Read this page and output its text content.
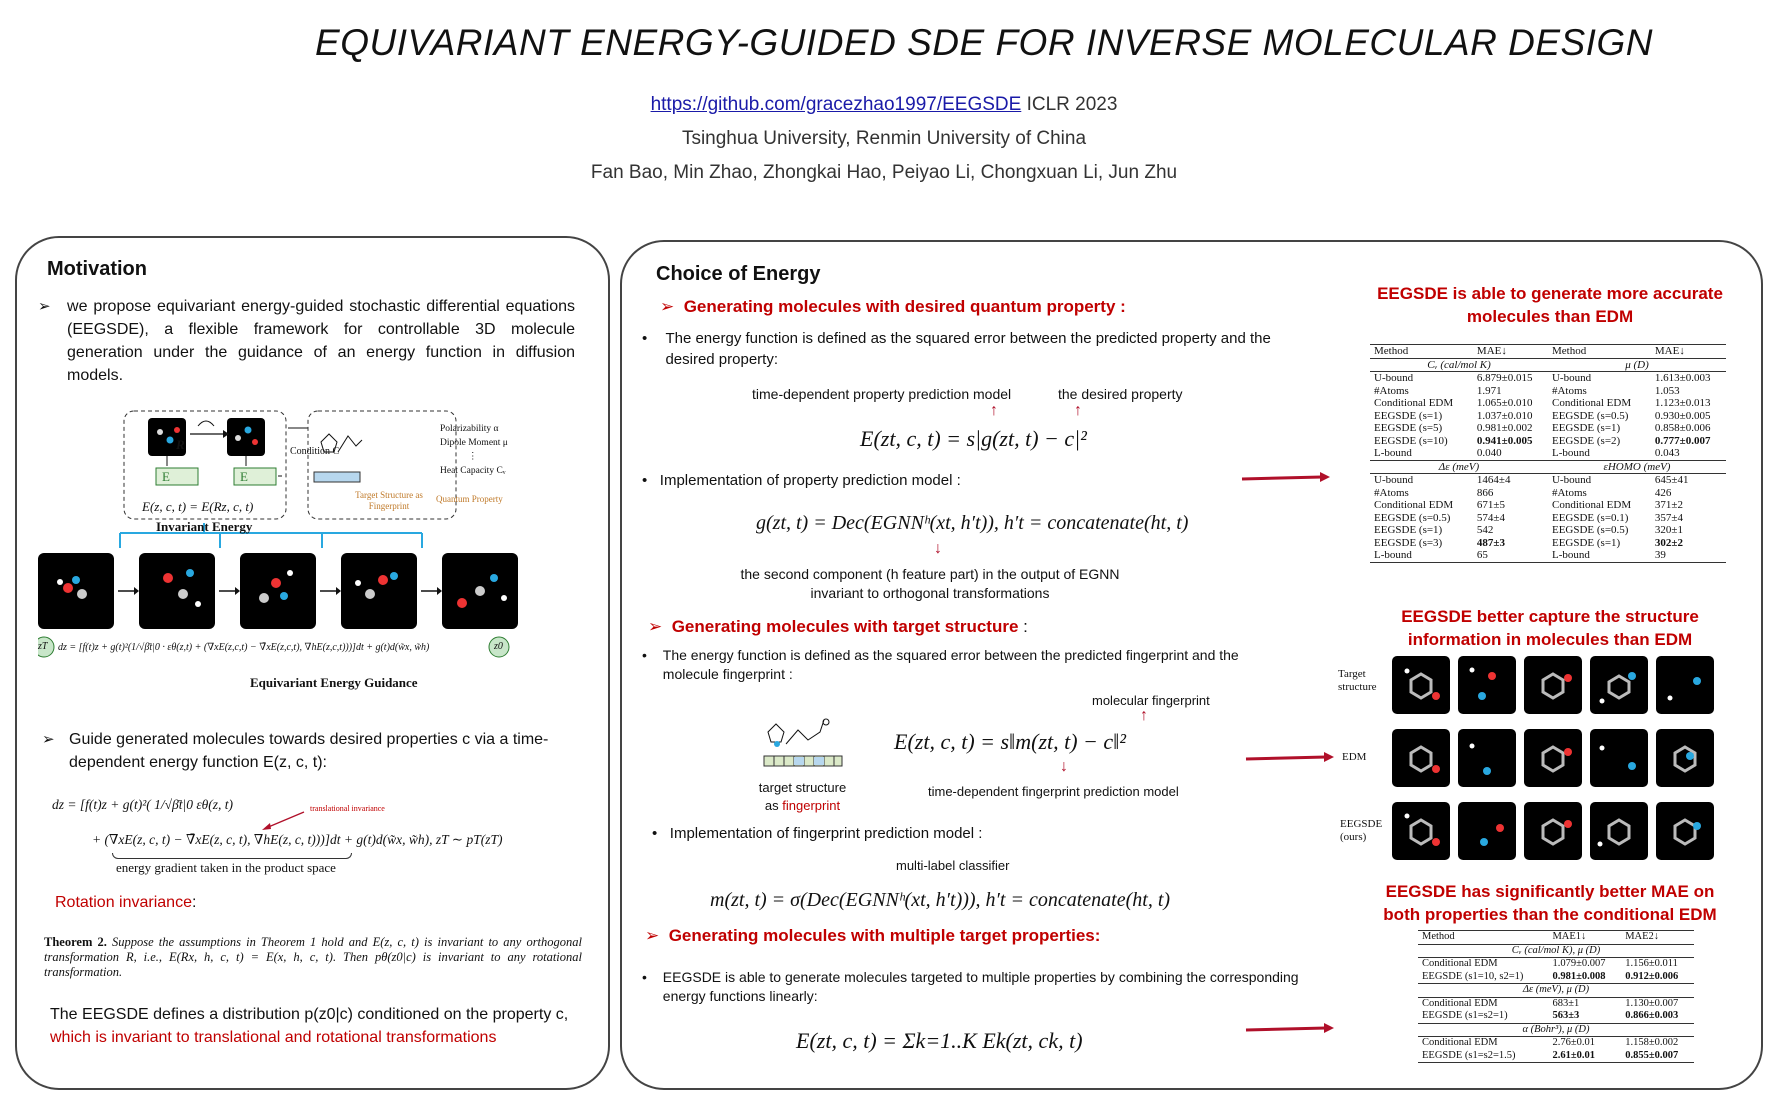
EQUIVARIANT ENERGY-GUIDED SDE FOR INVERSE MOLECULAR DESIGN
https://github.com/gracezhao1997/EEGSDE ICLR 2023
Tsinghua University, Renmin University of China
Fan Bao, Min Zhao, Zhongkai Hao, Peiyao Li, Chongxuan Li, Jun Zhu
Motivation
➢ we propose equivariant energy-guided stochastic differential equations (EEGSDE), a flexible framework for controllable 3D molecule generation under the guidance of an energy function in diffusion models.
R
E	E
Condition C
E(z, c, t) = E(Rz, c, t)
Invariant Energy
Polarizability α
Dipole Moment μ
⋮
Heat Capacity Cᵥ
Target Structure as Fingerprint
Quantum Property
zT	z0
dz = [f(t)z + g(t)²(1/√β̄t|0 · εθ(z,t) + (∇xE(z,c,t) − ∇̄xE(z,c,t), ∇hE(z,c,t)))]dt + g(t)d(w̃x, w̃h)
Equivariant Energy Guidance
➢ Guide generated molecules towards desired properties c via a time-dependent energy function E(z, c, t):
dz = [f(t)z + g(t)²( 1/√β̄t|0 εθ(z, t)	translational invariance
+ (∇xE(z, c, t) − ∇̄xE(z, c, t), ∇hE(z, c, t)))]dt + g(t)d(w̃x, w̃h), zT ∼ pT(zT)
energy gradient taken in the product space
Rotation invariance:
Theorem 2. Suppose the assumptions in Theorem 1 hold and E(z, c, t) is invariant to any orthogonal transformation R, i.e., E(Rx, h, c, t) = E(x, h, c, t). Then pθ(z0|c) is invariant to any rotational transformation.
The EEGSDE defines a distribution p(z0|c) conditioned on the property c, which is invariant to translational and rotational transformations
Choice of Energy
➢ Generating molecules with desired quantum property :
• The energy function is defined as the squared error between the predicted property and the desired property:
time-dependent property prediction model	the desired property
↑	↑
E(zt, c, t) = s|g(zt, t) − c|²
• Implementation of property prediction model :
g(zt, t) = Dec(EGNNʰ(xt, h′t)), h′t = concatenate(ht, t)
↓
the second component (h feature part) in the output of EGNN
invariant to orthogonal transformations
➢ Generating molecules with target structure :
• The energy function is defined as the squared error between the predicted fingerprint and the molecule fingerprint :
target structure
as fingerprint
molecular fingerprint
↑
E(zt, c, t) = s‖m(zt, t) − c‖²
↓
time-dependent fingerprint prediction model
• Implementation of fingerprint prediction model :
multi-label classifier
m(zt, t) = σ(Dec(EGNNʰ(xt, h′t))), h′t = concatenate(ht, t)
➢ Generating molecules with multiple target properties:
• EEGSDE is able to generate molecules targeted to multiple properties by combining the corresponding energy functions linearly:
E(zt, c, t) = Σk=1..K Ek(zt, ck, t)
EEGSDE is able to generate more accurate molecules than EDM
Method	MAE↓	Method	MAE↓
Cᵥ (cal/mol K)		μ (D)	
U-bound	6.879±0.015	U-bound	1.613±0.003
#Atoms	1.971	#Atoms	1.053
Conditional EDM	1.065±0.010	Conditional EDM	1.123±0.013
EEGSDE (s=1)	1.037±0.010	EEGSDE (s=0.5)	0.930±0.005
EEGSDE (s=5)	0.981±0.002	EEGSDE (s=1)	0.858±0.006
EEGSDE (s=10)	0.941±0.005	EEGSDE (s=2)	0.777±0.007
L-bound	0.040	L-bound	0.043
Δε (meV)		εHOMO (meV)	
U-bound	1464±4	U-bound	645±41
#Atoms	866	#Atoms	426
Conditional EDM	671±5	Conditional EDM	371±2
EEGSDE (s=0.5)	574±4	EEGSDE (s=0.1)	357±4
EEGSDE (s=1)	542	EEGSDE (s=0.5)	320±1
EEGSDE (s=3)	487±3	EEGSDE (s=1)	302±2
L-bound	65	L-bound	39
EEGSDE better capture the structure information in molecules than EDM
Target structure
EDM
EEGSDE (ours)
EEGSDE has significantly better MAE on both properties than the conditional EDM
Method	MAE1↓	MAE2↓
Cᵥ (cal/mol K), μ (D)		
Conditional EDM	1.079±0.007	1.156±0.011
EEGSDE (s1=10, s2=1)	0.981±0.008	0.912±0.006
Δε (meV), μ (D)		
Conditional EDM	683±1	1.130±0.007
EEGSDE (s1=s2=1)	563±3	0.866±0.003
α (Bohr³), μ (D)		
Conditional EDM	2.76±0.01	1.158±0.002
EEGSDE (s1=s2=1.5)	2.61±0.01	0.855±0.007
